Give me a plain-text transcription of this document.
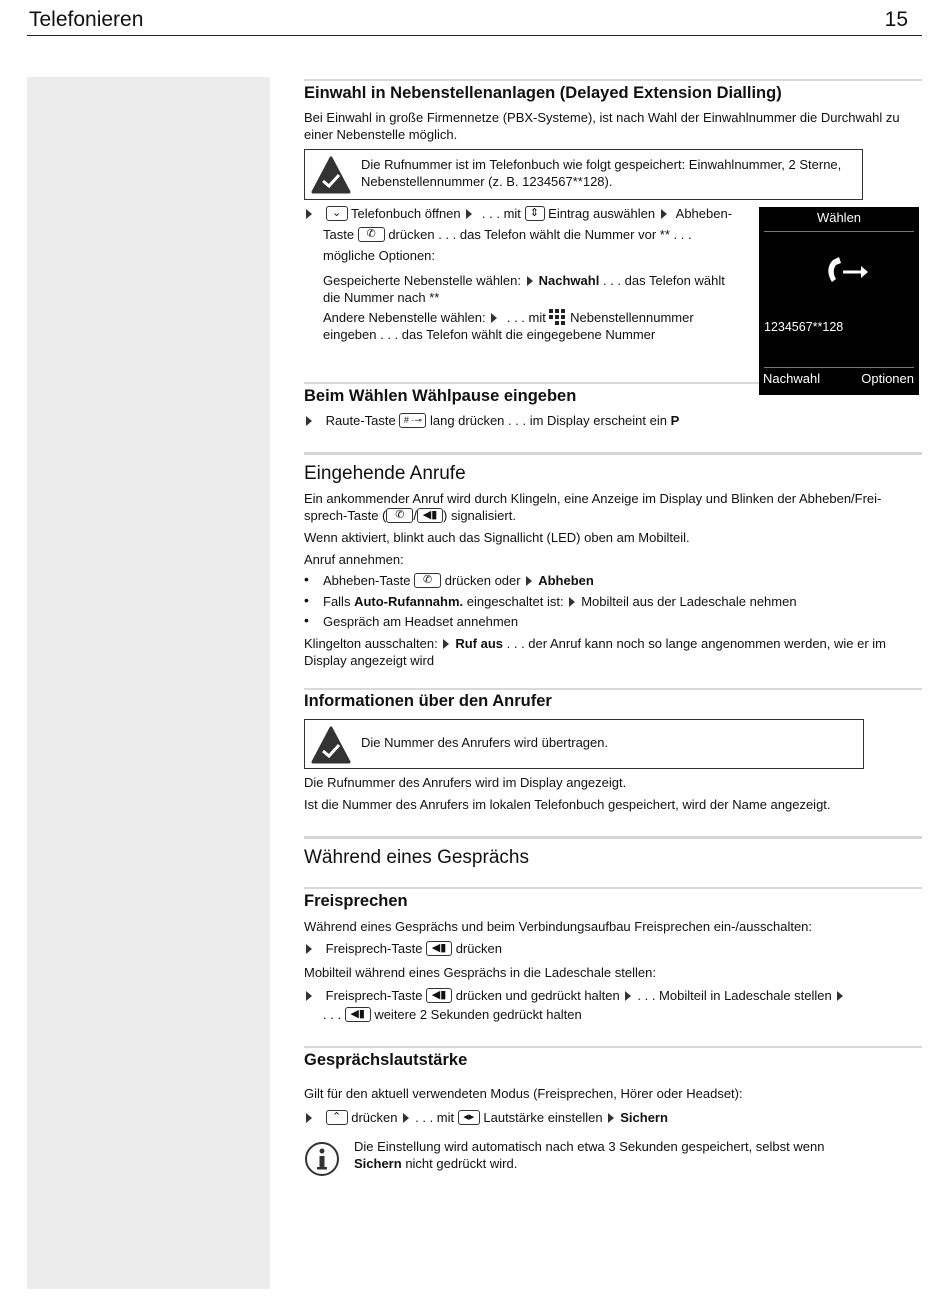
Telefonieren	15
Einwahl in Nebenstellenanlagen (Delayed Extension Dialling)
Bei Einwahl in große Firmennetze (PBX-Systeme), ist nach Wahl der Einwahlnummer die Durchwahl zu
einer Nebenstelle möglich.
Die Rufnummer ist im Telefonbuch wie folgt gespeichert: Einwahlnummer, 2 Sterne,
Nebenstellennummer (z. B. 1234567**128).

⌄ Telefonbuch öffnen . . . mit ⇕ Eintrag auswählen Abheben-
Taste	✆ drücken . . . das Telefon wählt die Nummer vor ** . . .
mögliche Optionen:
Gespeicherte Nebenstelle wählen: Nachwahl . . . das Telefon wählt
die Nummer nach **
Andere Nebenstelle wählen: . . . mit Nebenstellennummer
eingeben . . . das Telefon wählt die eingegebene Nummer
Wählen
1234567**128
Nachwahl	Optionen
Beim Wählen Wählpause eingeben
Raute-Taste # ·⊸ lang drücken . . . im Display erscheint ein P
Eingehende Anrufe
Ein ankommender Anruf wird durch Klingeln, eine Anzeige im Display und Blinken der Abheben/Frei-
sprech-Taste ( ✆ / ◀▮ ) signalisiert.
Wenn aktiviert, blinkt auch das Signallicht (LED) oben am Mobilteil.
Anruf annehmen:
• Abheben-Taste	✆ drücken oder Abheben
• Falls Auto-Rufannahm. eingeschaltet ist: Mobilteil aus der Ladeschale nehmen
• Gespräch am Headset annehmen
Klingelton ausschalten: Ruf aus . . . der Anruf kann noch so lange angenommen werden, wie er im
Display angezeigt wird
Informationen über den Anrufer
Die Nummer des Anrufers wird übertragen.
Die Rufnummer des Anrufers wird im Display angezeigt.
Ist die Nummer des Anrufers im lokalen Telefonbuch gespeichert, wird der Name angezeigt.
Während eines Gesprächs
Freisprechen
Während eines Gesprächs und beim Verbindungsaufbau Freisprechen ein-/ausschalten:
Freisprech-Taste ◀▮ drücken
Mobilteil während eines Gesprächs in die Ladeschale stellen:
Freisprech-Taste ◀▮ drücken und gedrückt halten . . . Mobilteil in Ladeschale stellen
. . . ◀▮ weitere 2 Sekunden gedrückt halten
Gesprächslautstärke
Gilt für den aktuell verwendeten Modus (Freisprechen, Hörer oder Headset):

⌃ drücken . . . mit ◂▸ Lautstärke einstellen Sichern
Die Einstellung wird automatisch nach etwa 3 Sekunden gespeichert, selbst wenn
Sichern nicht gedrückt wird.
